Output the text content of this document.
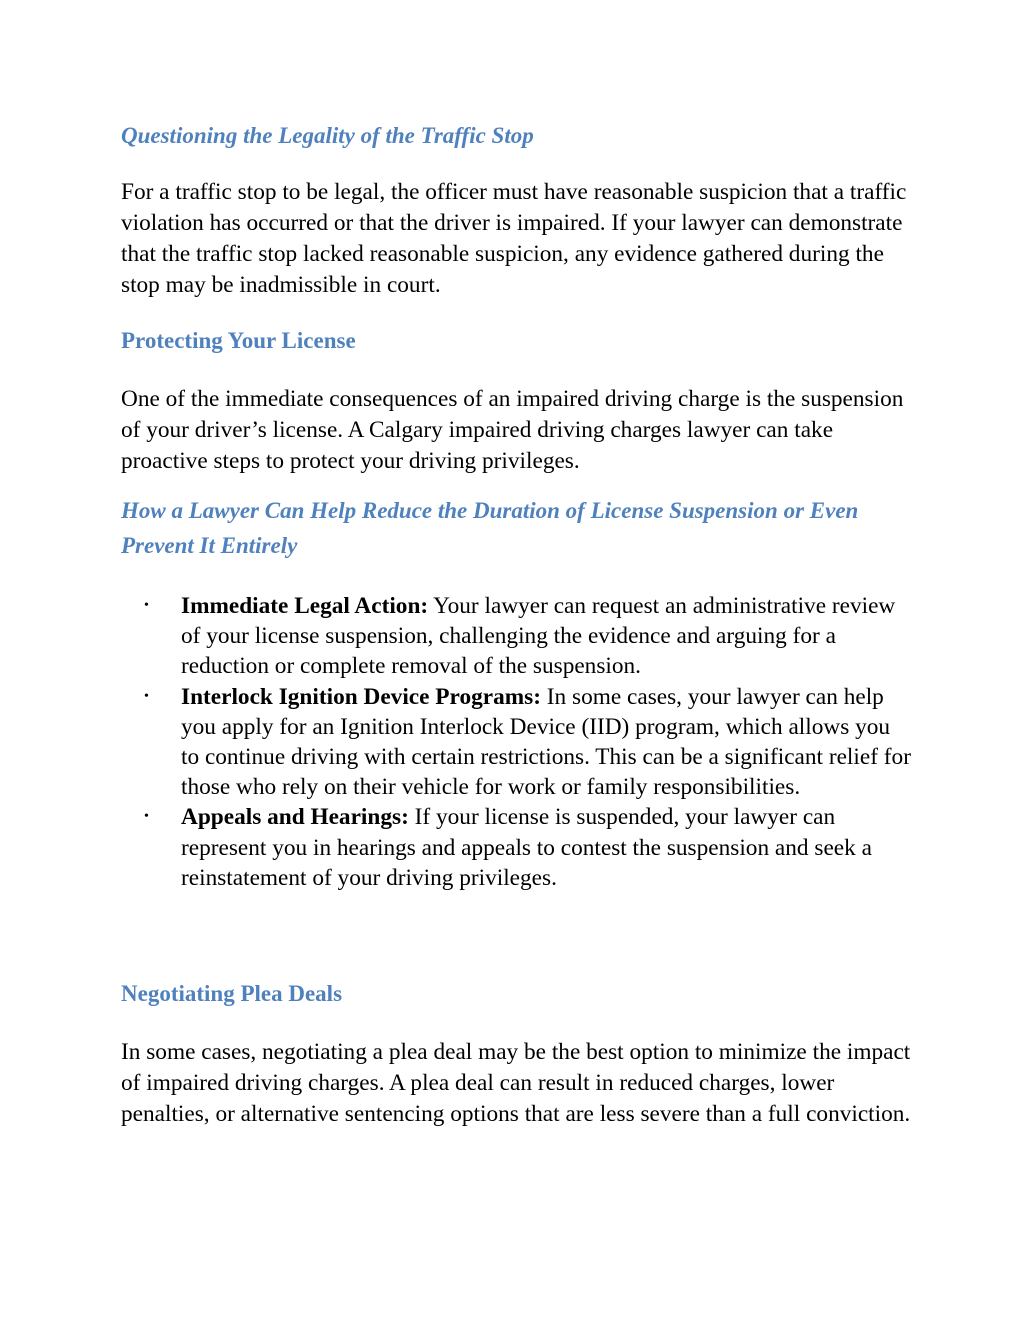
Questioning the Legality of the Traffic Stop

For a traffic stop to be legal, the officer must have reasonable suspicion that a traffic violation has occurred or that the driver is impaired. If your lawyer can demonstrate that the traffic stop lacked reasonable suspicion, any evidence gathered during the stop may be inadmissible in court.

Protecting Your License

One of the immediate consequences of an impaired driving charge is the suspension of your driver’s license. A Calgary impaired driving charges lawyer can take proactive steps to protect your driving privileges.

How a Lawyer Can Help Reduce the Duration of License Suspension or Even Prevent It Entirely
• Immediate Legal Action: Your lawyer can request an administrative review of your license suspension, challenging the evidence and arguing for a reduction or complete removal of the suspension.
• Interlock Ignition Device Programs: In some cases, your lawyer can help you apply for an Ignition Interlock Device (IID) program, which allows you to continue driving with certain restrictions. This can be a significant relief for those who rely on their vehicle for work or family responsibilities.
• Appeals and Hearings: If your license is suspended, your lawyer can represent you in hearings and appeals to contest the suspension and seek a reinstatement of your driving privileges.
Negotiating Plea Deals

In some cases, negotiating a plea deal may be the best option to minimize the impact of impaired driving charges. A plea deal can result in reduced charges, lower penalties, or alternative sentencing options that are less severe than a full conviction.
